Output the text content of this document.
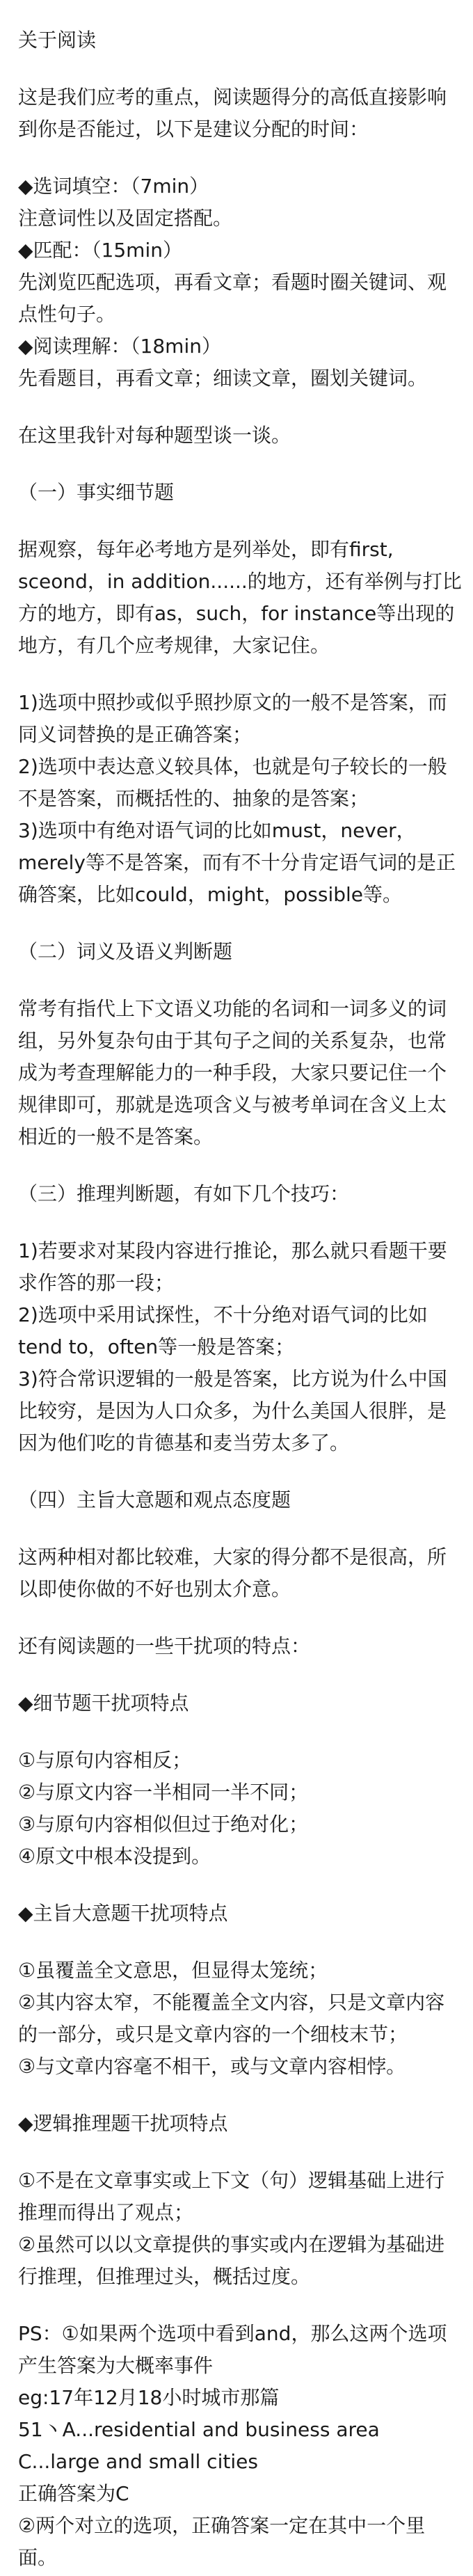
关于阅读
这是我们应考的重点，阅读题得分的高低直接影响
到你是否能过，以下是建议分配的时间：
◆选词填空：（7min）
注意词性以及固定搭配。
◆匹配：（15min）
先浏览匹配选项，再看文章；看题时圈关键词、观
点性句子。
◆阅读理解：（18min）
先看题目，再看文章；细读文章，圈划关键词。
在这里我针对每种题型谈一谈。
（一）事实细节题
据观察，每年必考地方是列举处，即有first,
sceond，in addition......的地方，还有举例与打比
方的地方，即有as，such，for instance等出现的
地方，有几个应考规律，大家记住。
1)选项中照抄或似乎照抄原文的一般不是答案，而
同义词替换的是正确答案；
2)选项中表达意义较具体，也就是句子较长的一般
不是答案，而概括性的、抽象的是答案；
3)选项中有绝对语气词的比如must，never，
merely等不是答案，而有不十分肯定语气词的是正
确答案，比如could，might，possible等。
（二）词义及语义判断题
常考有指代上下文语义功能的名词和一词多义的词
组，另外复杂句由于其句子之间的关系复杂，也常
成为考查理解能力的一种手段，大家只要记住一个
规律即可，那就是选项含义与被考单词在含义上太
相近的一般不是答案。
（三）推理判断题，有如下几个技巧：
1)若要求对某段内容进行推论，那么就只看题干要
求作答的那一段；
2)选项中采用试探性，不十分绝对语气词的比如
tend to，often等一般是答案；
3)符合常识逻辑的一般是答案，比方说为什么中国
比较穷，是因为人口众多，为什么美国人很胖，是
因为他们吃的肯德基和麦当劳太多了。
（四）主旨大意题和观点态度题
这两种相对都比较难，大家的得分都不是很高，所
以即使你做的不好也别太介意。
还有阅读题的一些干扰项的特点：
◆细节题干扰项特点
①与原句内容相反；
②与原文内容一半相同一半不同；
③与原句内容相似但过于绝对化；
④原文中根本没提到。
◆主旨大意题干扰项特点
①虽覆盖全文意思，但显得太笼统；
②其内容太窄，不能覆盖全文内容，只是文章内容
的一部分，或只是文章内容的一个细枝末节；
③与文章内容毫不相干，或与文章内容相悖。
◆逻辑推理题干扰项特点
①不是在文章事实或上下文（句）逻辑基础上进行
推理而得出了观点；
②虽然可以以文章提供的事实或内在逻辑为基础进
行推理，但推理过头，概括过度。
PS：①如果两个选项中看到and，那么这两个选项
产生答案为大概率事件
eg:17年12月18小时城市那篇
51丶A...residential and business area
C...large and small cities
正确答案为C
②两个对立的选项，正确答案一定在其中一个里
面。
